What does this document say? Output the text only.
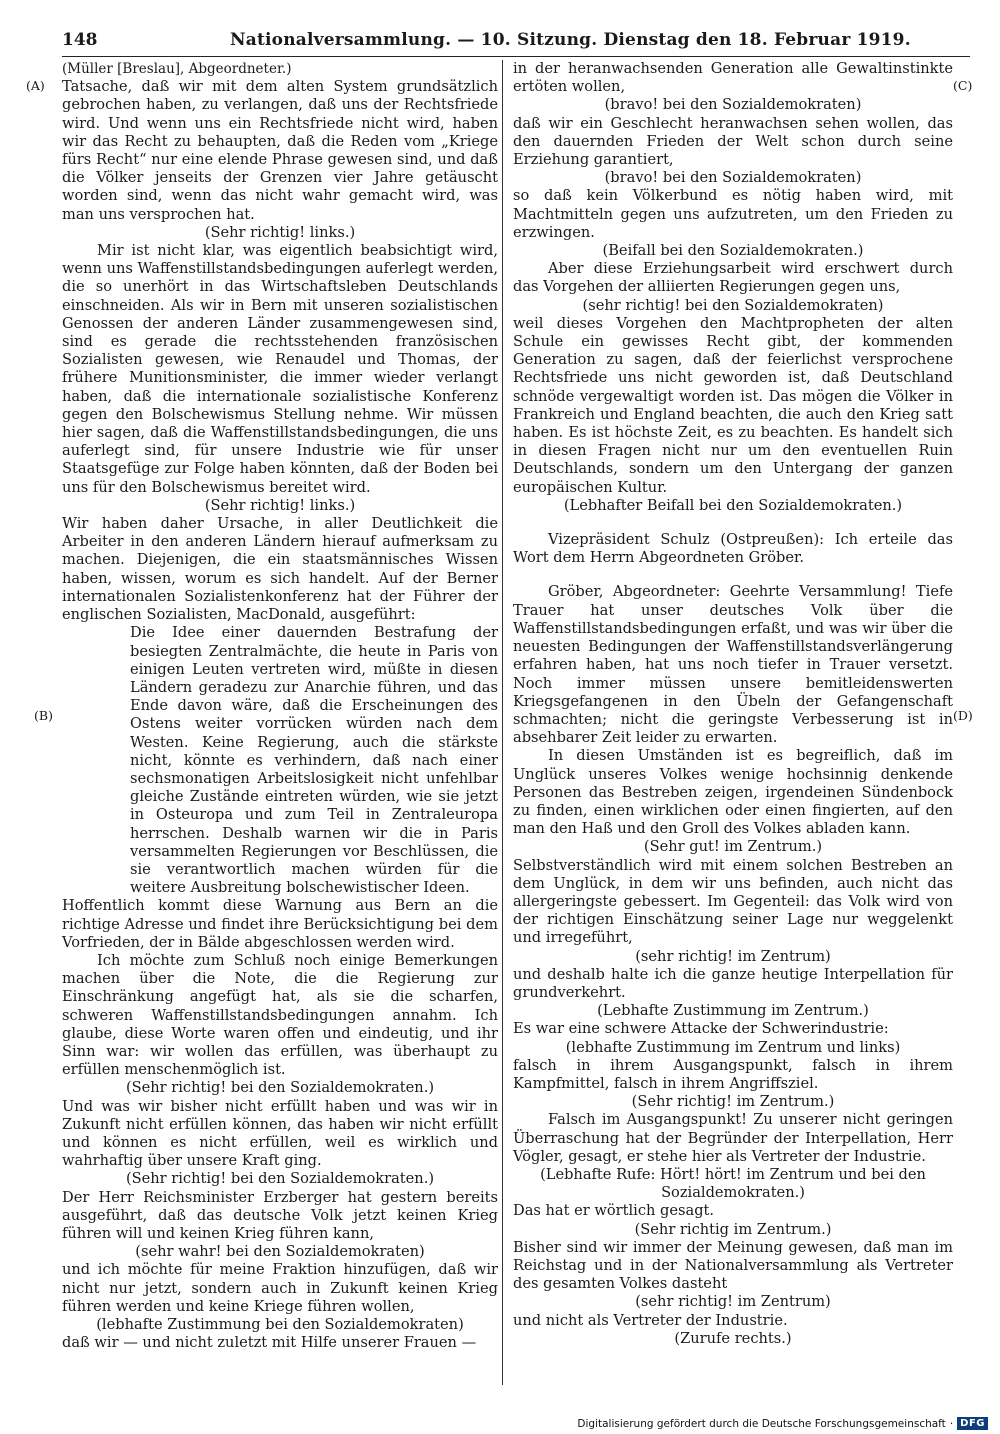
148	Nationalversammlung. — 10. Sitzung. Dienstag den 18. Februar 1919.
(A)
(B)
(C)
(D)

(Müller [Breslau], Abgeordneter.)

Tatsache, daß wir mit dem alten System grundsätzlich gebrochen haben, zu verlangen, daß uns der Rechtsfriede wird. Und wenn uns ein Rechtsfriede nicht wird, haben wir das Recht zu behaupten, daß die Reden vom „Kriege fürs Recht“ nur eine elende Phrase gewesen sind, und daß die Völker jenseits der Grenzen vier Jahre getäuscht worden sind, wenn das nicht wahr gemacht wird, was man uns versprochen hat.

(Sehr richtig! links.)

Mir ist nicht klar, was eigentlich beabsichtigt wird, wenn uns Waffenstillstandsbedingungen auferlegt werden, die so unerhört in das Wirtschaftsleben Deutschlands einschneiden. Als wir in Bern mit unseren sozialistischen Genossen der anderen Länder zusammengewesen sind, sind es gerade die rechtsstehenden französischen Sozialisten gewesen, wie Renaudel und Thomas, der frühere Munitionsminister, die immer wieder verlangt haben, daß die internationale sozialistische Konferenz gegen den Bolschewismus Stellung nehme. Wir müssen hier sagen, daß die Waffenstillstandsbedingungen, die uns auferlegt sind, für unsere Industrie wie für unser Staatsgefüge zur Folge haben könnten, daß der Boden bei uns für den Bolschewismus bereitet wird.

(Sehr richtig! links.)

Wir haben daher Ursache, in aller Deutlichkeit die Arbeiter in den anderen Ländern hierauf aufmerksam zu machen. Diejenigen, die ein staatsmännisches Wissen haben, wissen, worum es sich handelt. Auf der Berner internationalen Sozialistenkonferenz hat der Führer der englischen Sozialisten, MacDonald, ausgeführt:

Die Idee einer dauernden Bestrafung der besiegten Zentralmächte, die heute in Paris von einigen Leuten vertreten wird, müßte in diesen Ländern geradezu zur Anarchie führen, und das Ende davon wäre, daß die Erscheinungen des Ostens weiter vorrücken würden nach dem Westen. Keine Regierung, auch die stärkste nicht, könnte es verhindern, daß nach einer sechsmonatigen Arbeitslosigkeit nicht unfehlbar gleiche Zustände eintreten würden, wie sie jetzt in Osteuropa und zum Teil in Zentraleuropa herrschen. Deshalb warnen wir die in Paris versammelten Regierungen vor Beschlüssen, die sie verantwortlich machen würden für die weitere Ausbreitung bolschewistischer Ideen.

Hoffentlich kommt diese Warnung aus Bern an die richtige Adresse und findet ihre Berücksichtigung bei dem Vorfrieden, der in Bälde abgeschlossen werden wird.

Ich möchte zum Schluß noch einige Bemerkungen machen über die Note, die die Regierung zur Einschränkung angefügt hat, als sie die scharfen, schweren Waffenstillstandsbedingungen annahm. Ich glaube, diese Worte waren offen und eindeutig, und ihr Sinn war: wir wollen das erfüllen, was überhaupt zu erfüllen menschenmöglich ist.

(Sehr richtig! bei den Sozialdemokraten.)

Und was wir bisher nicht erfüllt haben und was wir in Zukunft nicht erfüllen können, das haben wir nicht erfüllt und können es nicht erfüllen, weil es wirklich und wahrhaftig über unsere Kraft ging.

(Sehr richtig! bei den Sozialdemokraten.)

Der Herr Reichsminister Erzberger hat gestern bereits ausgeführt, daß das deutsche Volk jetzt keinen Krieg führen will und keinen Krieg führen kann,

(sehr wahr! bei den Sozialdemokraten)

und ich möchte für meine Fraktion hinzufügen, daß wir nicht nur jetzt, sondern auch in Zukunft keinen Krieg führen werden und keine Kriege führen wollen,

(lebhafte Zustimmung bei den Sozialdemokraten)

daß wir — und nicht zuletzt mit Hilfe unserer Frauen —

in der heranwachsenden Generation alle Gewaltinstinkte ertöten wollen,

(bravo! bei den Sozialdemokraten)

daß wir ein Geschlecht heranwachsen sehen wollen, das den dauernden Frieden der Welt schon durch seine Erziehung garantiert,

(bravo! bei den Sozialdemokraten)

so daß kein Völkerbund es nötig haben wird, mit Machtmitteln gegen uns aufzutreten, um den Frieden zu erzwingen.

(Beifall bei den Sozialdemokraten.)

Aber diese Erziehungsarbeit wird erschwert durch das Vorgehen der alliierten Regierungen gegen uns,

(sehr richtig! bei den Sozialdemokraten)

weil dieses Vorgehen den Machtpropheten der alten Schule ein gewisses Recht gibt, der kommenden Generation zu sagen, daß der feierlichst versprochene Rechtsfriede uns nicht geworden ist, daß Deutschland schnöde vergewaltigt worden ist. Das mögen die Völker in Frankreich und England beachten, die auch den Krieg satt haben. Es ist höchste Zeit, es zu beachten. Es handelt sich in diesen Fragen nicht nur um den eventuellen Ruin Deutschlands, sondern um den Untergang der ganzen europäischen Kultur.

(Lebhafter Beifall bei den Sozialdemokraten.)

Vizepräsident Schulz (Ostpreußen): Ich erteile das Wort dem Herrn Abgeordneten Gröber.

Gröber, Abgeordneter: Geehrte Versammlung! Tiefe Trauer hat unser deutsches Volk über die Waffenstillstandsbedingungen erfaßt, und was wir über die neuesten Bedingungen der Waffenstillstandsverlängerung erfahren haben, hat uns noch tiefer in Trauer versetzt. Noch immer müssen unsere bemitleidenswerten Kriegsgefangenen in den Übeln der Gefangenschaft schmachten; nicht die geringste Verbesserung ist in absehbarer Zeit leider zu erwarten.

In diesen Umständen ist es begreiflich, daß im Unglück unseres Volkes wenige hochsinnig denkende Personen das Bestreben zeigen, irgendeinen Sündenbock zu finden, einen wirklichen oder einen fingierten, auf den man den Haß und den Groll des Volkes abladen kann.

(Sehr gut! im Zentrum.)

Selbstverständlich wird mit einem solchen Bestreben an dem Unglück, in dem wir uns befinden, auch nicht das allergeringste gebessert. Im Gegenteil: das Volk wird von der richtigen Einschätzung seiner Lage nur weggelenkt und irregeführt,

(sehr richtig! im Zentrum)

und deshalb halte ich die ganze heutige Interpellation für grundverkehrt.

(Lebhafte Zustimmung im Zentrum.)

Es war eine schwere Attacke der Schwerindustrie:

(lebhafte Zustimmung im Zentrum und links)

falsch in ihrem Ausgangspunkt, falsch in ihrem Kampfmittel, falsch in ihrem Angriffsziel.

(Sehr richtig! im Zentrum.)

Falsch im Ausgangspunkt! Zu unserer nicht geringen Überraschung hat der Begründer der Interpellation, Herr Vögler, gesagt, er stehe hier als Vertreter der Industrie.

(Lebhafte Rufe: Hört! hört! im Zentrum und bei den Sozialdemokraten.)

Das hat er wörtlich gesagt.

(Sehr richtig im Zentrum.)

Bisher sind wir immer der Meinung gewesen, daß man im Reichstag und in der Nationalversammlung als Vertreter des gesamten Volkes dasteht

(sehr richtig! im Zentrum)

und nicht als Vertreter der Industrie.

(Zurufe rechts.)

Digitalisierung gefördert durch die Deutsche Forschungsgemeinschaft · DFG
